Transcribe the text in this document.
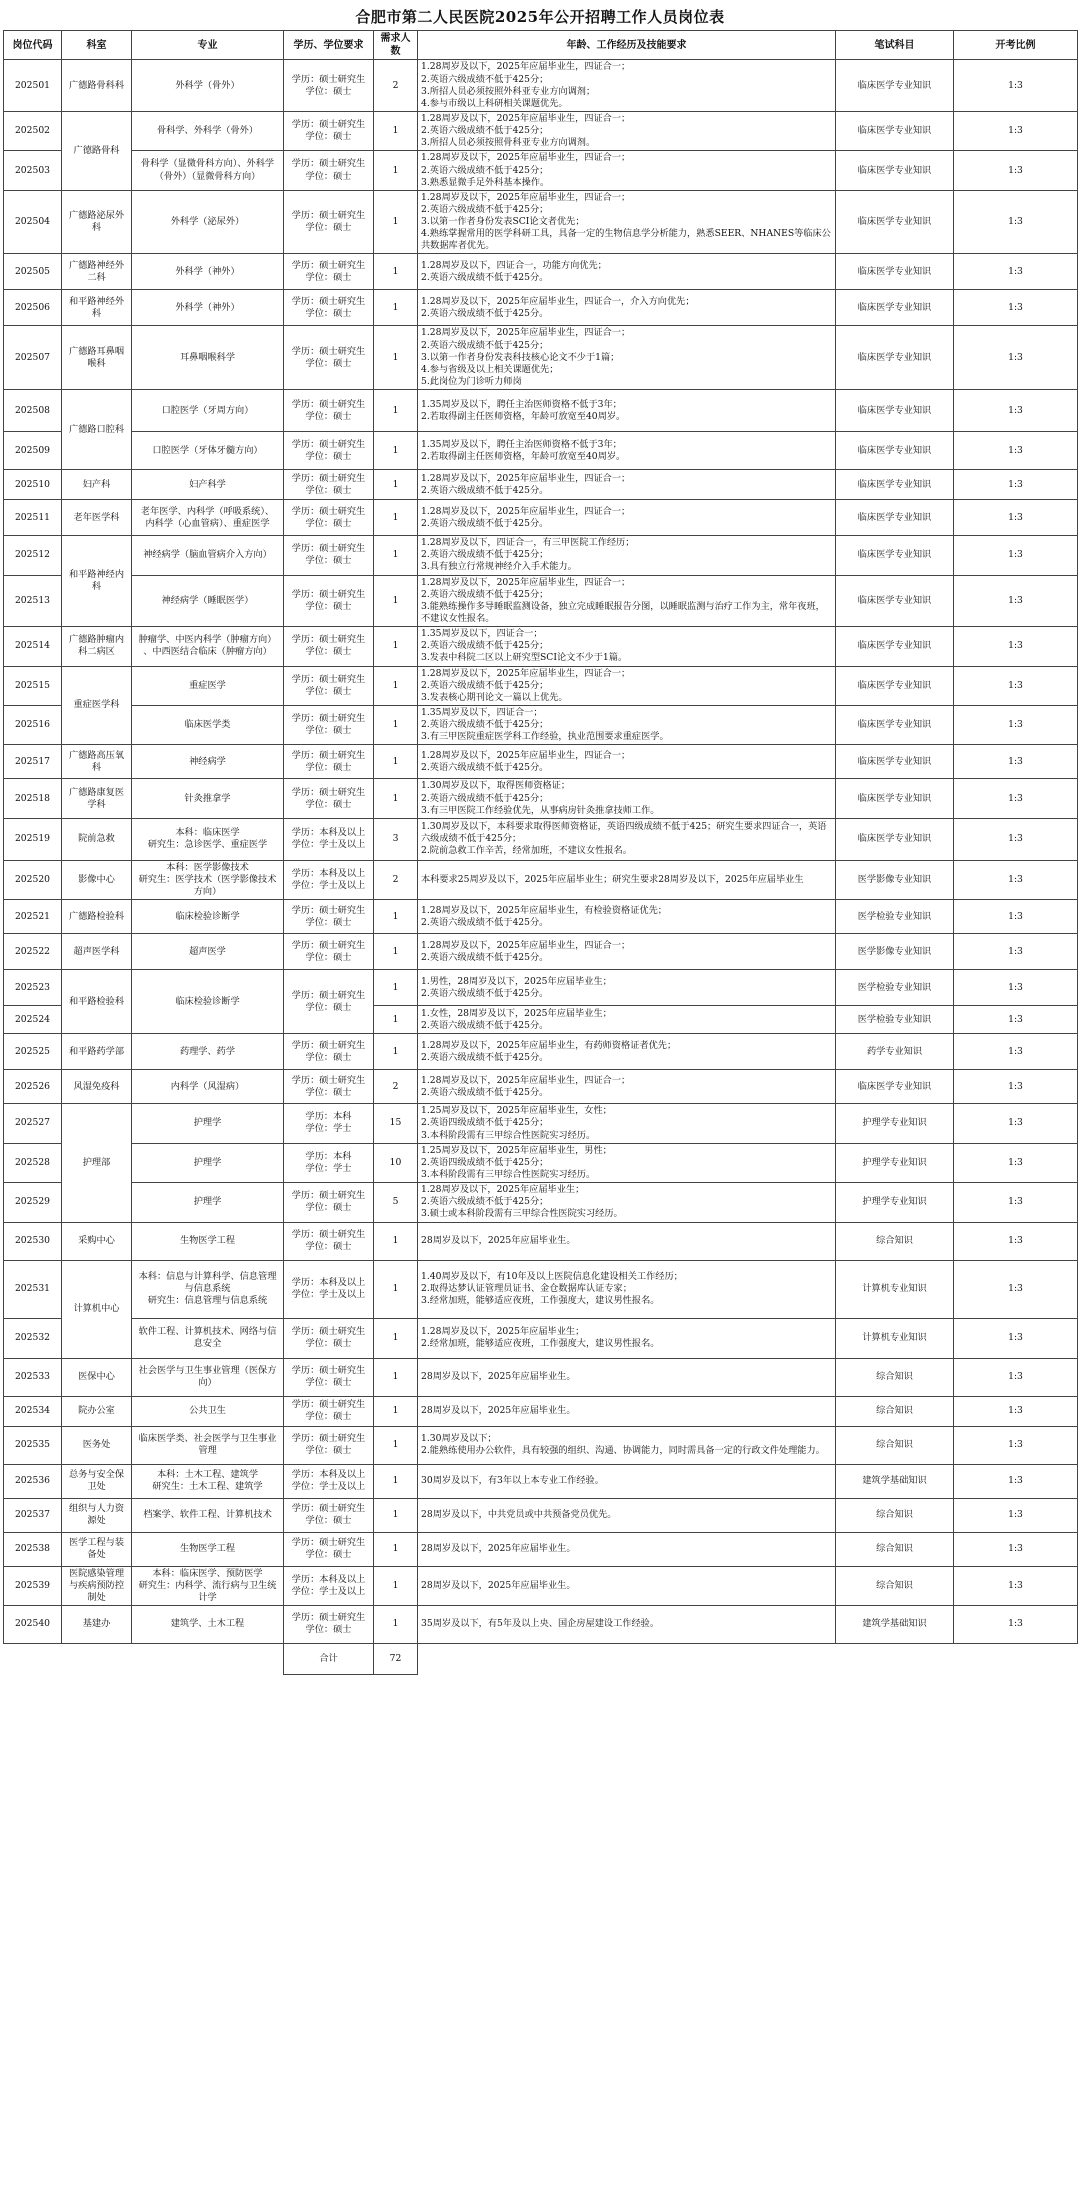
合肥市第二人民医院2025年公开招聘工作人员岗位表
岗位代码	科室	专业	学历、学位要求	需求人数	年龄、工作经历及技能要求	笔试科目	开考比例
202501	广德路骨科科	外科学（骨外）	学历：硕士研究生
学位：硕士	2	1.28周岁及以下，2025年应届毕业生，四证合一；
2.英语六级成绩不低于425分；
3.所招人员必须按照外科亚专业方向调剂；
4.参与市级以上科研相关课题优先。	临床医学专业知识	1:3
202502	广德路骨科	骨科学、外科学（骨外）	学历：硕士研究生
学位：硕士	1	1.28周岁及以下，2025年应届毕业生，四证合一；
2.英语六级成绩不低于425分；
3.所招人员必须按照骨科亚专业方向调剂。	临床医学专业知识	1:3
202503		骨科学（显微骨科方向）、外科学
（骨外）（显微骨科方向）	学历：硕士研究生
学位：硕士	1	1.28周岁及以下，2025年应届毕业生，四证合一；
2.英语六级成绩不低于425分；
3.熟悉显微手足外科基本操作。	临床医学专业知识	1:3
202504	广德路泌尿外
科	外科学（泌尿外）	学历：硕士研究生
学位：硕士	1	1.28周岁及以下，2025年应届毕业生，四证合一；
2.英语六级成绩不低于425分；
3.以第一作者身份发表SCI论文者优先；
4.熟练掌握常用的医学科研工具，具备一定的生物信息学分析能力，熟悉SEER、NHANES等临床公共数据库者优先。	临床医学专业知识	1:3
202505	广德路神经外
二科	外科学（神外）	学历：硕士研究生
学位：硕士	1	1.28周岁及以下，四证合一，功能方向优先；
2.英语六级成绩不低于425分。	临床医学专业知识	1:3
202506	和平路神经外
科	外科学（神外）	学历：硕士研究生
学位：硕士	1	1.28周岁及以下，2025年应届毕业生，四证合一，介入方向优先；
2.英语六级成绩不低于425分。	临床医学专业知识	1:3
202507	广德路耳鼻咽
喉科	耳鼻咽喉科学	学历：硕士研究生
学位：硕士	1	1.28周岁及以下，2025年应届毕业生，四证合一；
2.英语六级成绩不低于425分；
3.以第一作者身份发表科技核心论文不少于1篇；
4.参与省级及以上相关课题优先；
5.此岗位为门诊听力师岗	临床医学专业知识	1:3
202508	广德路口腔科	口腔医学（牙周方向）	学历：硕士研究生
学位：硕士	1	1.35周岁及以下，聘任主治医师资格不低于3年；
2.若取得副主任医师资格，年龄可放宽至40周岁。	临床医学专业知识	1:3
202509		口腔医学（牙体牙髓方向）	学历：硕士研究生
学位：硕士	1	1.35周岁及以下，聘任主治医师资格不低于3年；
2.若取得副主任医师资格，年龄可放宽至40周岁。	临床医学专业知识	1:3
202510	妇产科	妇产科学	学历：硕士研究生
学位：硕士	1	1.28周岁及以下，2025年应届毕业生，四证合一；
2.英语六级成绩不低于425分。	临床医学专业知识	1:3
202511	老年医学科	老年医学、内科学（呼吸系统）、
内科学（心血管病）、重症医学	学历：硕士研究生
学位：硕士	1	1.28周岁及以下，2025年应届毕业生，四证合一；
2.英语六级成绩不低于425分。	临床医学专业知识	1:3
202512	和平路神经内
科	神经病学（脑血管病介入方向）	学历：硕士研究生
学位：硕士	1	1.28周岁及以下，四证合一，有三甲医院工作经历；
2.英语六级成绩不低于425分；
3.具有独立行常规神经介入手术能力。	临床医学专业知识	1:3
202513		神经病学（睡眠医学）	学历：硕士研究生
学位：硕士	1	1.28周岁及以下，2025年应届毕业生，四证合一；
2.英语六级成绩不低于425分；
3.能熟练操作多导睡眠监测设备，独立完成睡眠报告分图，以睡眠监测与治疗工作为主，常年夜班，不建议女性报名。	临床医学专业知识	1:3
202514	广德路肿瘤内
科二病区	肿瘤学、中医内科学（肿瘤方向）
、中西医结合临床（肿瘤方向）	学历：硕士研究生
学位：硕士	1	1.35周岁及以下，四证合一；
2.英语六级成绩不低于425分；
3.发表中科院二区以上研究型SCI论文不少于1篇。	临床医学专业知识	1:3
202515	重症医学科	重症医学	学历：硕士研究生
学位：硕士	1	1.28周岁及以下，2025年应届毕业生，四证合一；
2.英语六级成绩不低于425分；
3.发表核心期刊论文一篇以上优先。	临床医学专业知识	1:3
202516		临床医学类	学历：硕士研究生
学位：硕士	1	1.35周岁及以下，四证合一；
2.英语六级成绩不低于425分；
3.有三甲医院重症医学科工作经验，执业范围要求重症医学。	临床医学专业知识	1:3
202517	广德路高压氧
科	神经病学	学历：硕士研究生
学位：硕士	1	1.28周岁及以下，2025年应届毕业生，四证合一；
2.英语六级成绩不低于425分。	临床医学专业知识	1:3
202518	广德路康复医
学科	针灸推拿学	学历：硕士研究生
学位：硕士	1	1.30周岁及以下，取得医师资格证；
2.英语六级成绩不低于425分；
3.有三甲医院工作经验优先，从事病房针灸推拿技师工作。	临床医学专业知识	1:3
202519	院前急救	本科：临床医学
研究生：急诊医学、重症医学	学历：本科及以上
学位：学士及以上	3	1.30周岁及以下，本科要求取得医师资格证，英语四级成绩不低于425；研究生要求四证合一，英语六级成绩不低于425分；
2.院前急救工作辛苦，经常加班，不建议女性报名。	临床医学专业知识	1:3
202520	影像中心	本科：医学影像技术
研究生：医学技术（医学影像技术
方向）	学历：本科及以上
学位：学士及以上	2	本科要求25周岁及以下，2025年应届毕业生；研究生要求28周岁及以下，2025年应届毕业生	医学影像专业知识	1:3
202521	广德路检验科	临床检验诊断学	学历：硕士研究生
学位：硕士	1	1.28周岁及以下，2025年应届毕业生，有检验资格证优先；
2.英语六级成绩不低于425分。	医学检验专业知识	1:3
202522	超声医学科	超声医学	学历：硕士研究生
学位：硕士	1	1.28周岁及以下，2025年应届毕业生，四证合一；
2.英语六级成绩不低于425分。	医学影像专业知识	1:3
202523	和平路检验科	临床检验诊断学	学历：硕士研究生
学位：硕士	1	1.男性，28周岁及以下，2025年应届毕业生；
2.英语六级成绩不低于425分。	医学检验专业知识	1:3
202524				1	1.女性，28周岁及以下，2025年应届毕业生；
2.英语六级成绩不低于425分。	医学检验专业知识	1:3
202525	和平路药学部	药理学、药学	学历：硕士研究生
学位：硕士	1	1.28周岁及以下，2025年应届毕业生，有药师资格证者优先；
2.英语六级成绩不低于425分。	药学专业知识	1:3
202526	风湿免疫科	内科学（风湿病）	学历：硕士研究生
学位：硕士	2	1.28周岁及以下，2025年应届毕业生，四证合一；
2.英语六级成绩不低于425分。	临床医学专业知识	1:3
202527	护理部	护理学	学历：本科
学位：学士	15	1.25周岁及以下，2025年应届毕业生，女性；
2.英语四级成绩不低于425分；
3.本科阶段需有三甲综合性医院实习经历。	护理学专业知识	1:3
202528		护理学	学历：本科
学位：学士	10	1.25周岁及以下，2025年应届毕业生，男性；
2.英语四级成绩不低于425分；
3.本科阶段需有三甲综合性医院实习经历。	护理学专业知识	1:3
202529		护理学	学历：硕士研究生
学位：硕士	5	1.28周岁及以下，2025年应届毕业生；
2.英语六级成绩不低于425分；
3.硕士或本科阶段需有三甲综合性医院实习经历。	护理学专业知识	1:3
202530	采购中心	生物医学工程	学历：硕士研究生
学位：硕士	1	28周岁及以下，2025年应届毕业生。	综合知识	1:3
202531	计算机中心	本科：信息与计算科学、信息管理
与信息系统
研究生：信息管理与信息系统	学历：本科及以上
学位：学士及以上	1	1.40周岁及以下，有10年及以上医院信息化建设相关工作经历；
2.取得达梦认证管理员证书、金仓数据库认证专家；
3.经常加班，能够适应夜班，工作强度大，建议男性报名。	计算机专业知识	1:3
202532		软件工程、计算机技术、网络与信
息安全	学历：硕士研究生
学位：硕士	1	1.28周岁及以下，2025年应届毕业生；
2.经常加班，能够适应夜班，工作强度大，建议男性报名。	计算机专业知识	1:3
202533	医保中心	社会医学与卫生事业管理（医保方
向）	学历：硕士研究生
学位：硕士	1	28周岁及以下，2025年应届毕业生。	综合知识	1:3
202534	院办公室	公共卫生	学历：硕士研究生
学位：硕士	1	28周岁及以下，2025年应届毕业生。	综合知识	1:3
202535	医务处	临床医学类、社会医学与卫生事业
管理	学历：硕士研究生
学位：硕士	1	1.30周岁及以下；
2.能熟练使用办公软件，具有较强的组织、沟通、协调能力，同时需具备一定的行政文件处理能力。	综合知识	1:3
202536	总务与安全保
卫处	本科：土木工程、建筑学
研究生：土木工程、建筑学	学历：本科及以上
学位：学士及以上	1	30周岁及以下，有3年以上本专业工作经验。	建筑学基础知识	1:3
202537	组织与人力资
源处	档案学、软件工程、计算机技术	学历：硕士研究生
学位：硕士	1	28周岁及以下，中共党员或中共预备党员优先。	综合知识	1:3
202538	医学工程与装
备处	生物医学工程	学历：硕士研究生
学位：硕士	1	28周岁及以下，2025年应届毕业生。	综合知识	1:3
202539	医院感染管理
与疾病预防控
制处	本科：临床医学、预防医学
研究生：内科学、流行病与卫生统
计学	学历：本科及以上
学位：学士及以上	1	28周岁及以下，2025年应届毕业生。	综合知识	1:3
202540	基建办	建筑学、土木工程	学历：硕士研究生
学位：硕士	1	35周岁及以下，有5年及以上央、国企房屋建设工作经验。	建筑学基础知识	1:3
			合计	72			
